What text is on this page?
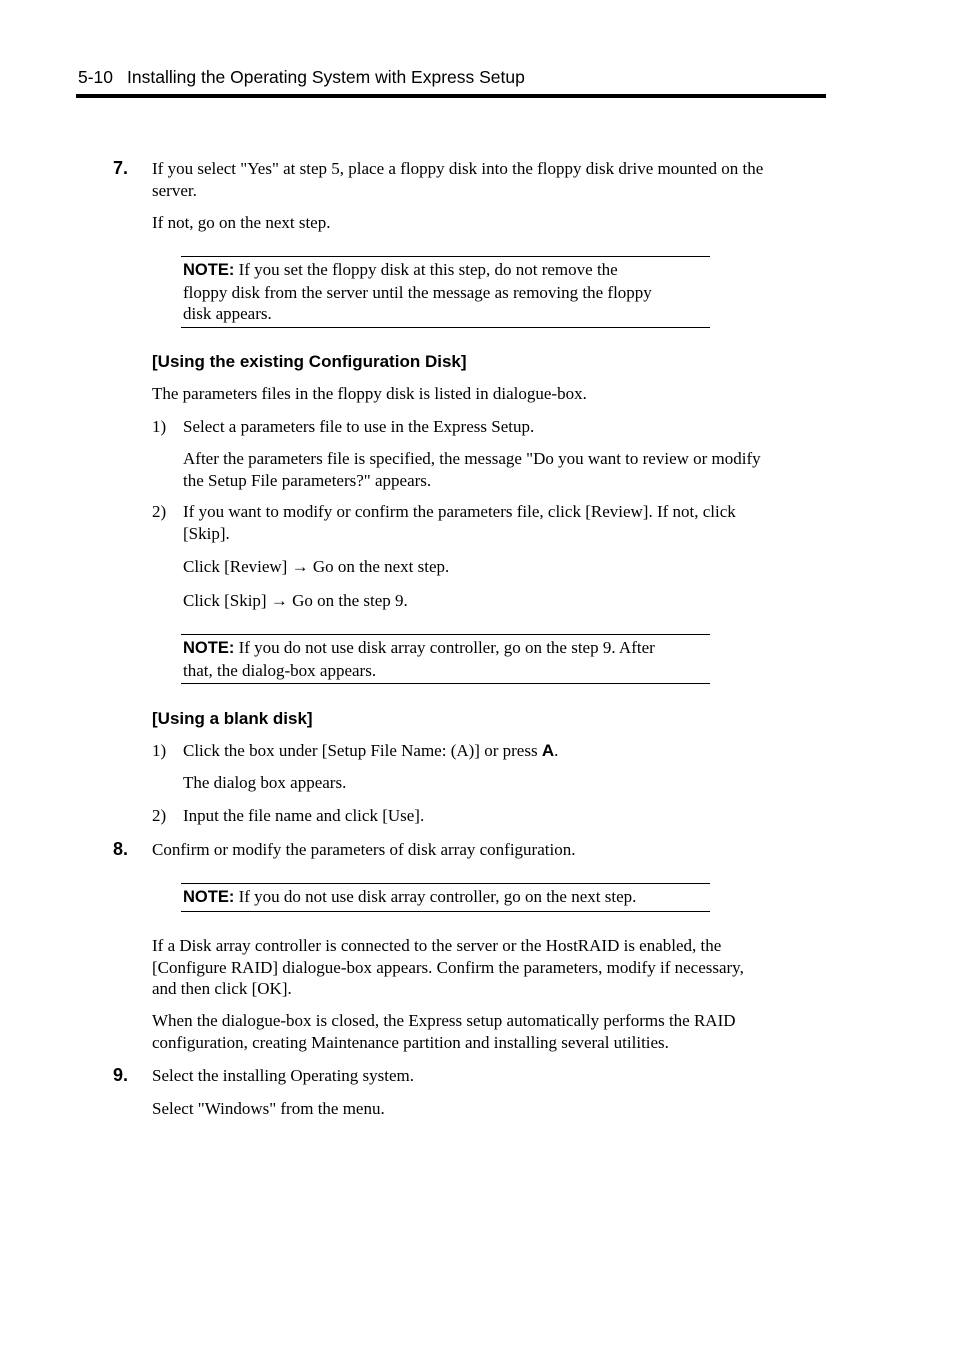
5-10 Installing the Operating System with Express Setup
7. If you select "Yes" at step 5, place a floppy disk into the floppy disk drive mounted on the
server.
If not, go on the next step.
NOTE: If you set the floppy disk at this step, do not remove the
floppy disk from the server until the message as removing the floppy
disk appears.
[Using the existing Configuration Disk]
The parameters files in the floppy disk is listed in dialogue-box.
1) Select a parameters file to use in the Express Setup.
After the parameters file is specified, the message "Do you want to review or modify
the Setup File parameters?" appears.
2) If you want to modify or confirm the parameters file, click [Review]. If not, click
[Skip].
Click [Review] → Go on the next step.
Click [Skip] → Go on the step 9.
NOTE: If you do not use disk array controller, go on the step 9. After
that, the dialog-box appears.
[Using a blank disk]
1) Click the box under [Setup File Name: (A)] or press A.
The dialog box appears.
2) Input the file name and click [Use].
8. Confirm or modify the parameters of disk array configuration.
NOTE: If you do not use disk array controller, go on the next step.
If a Disk array controller is connected to the server or the HostRAID is enabled, the
[Configure RAID] dialogue-box appears. Confirm the parameters, modify if necessary,
and then click [OK].
When the dialogue-box is closed, the Express setup automatically performs the RAID
configuration, creating Maintenance partition and installing several utilities.
9. Select the installing Operating system.
Select "Windows" from the menu.
